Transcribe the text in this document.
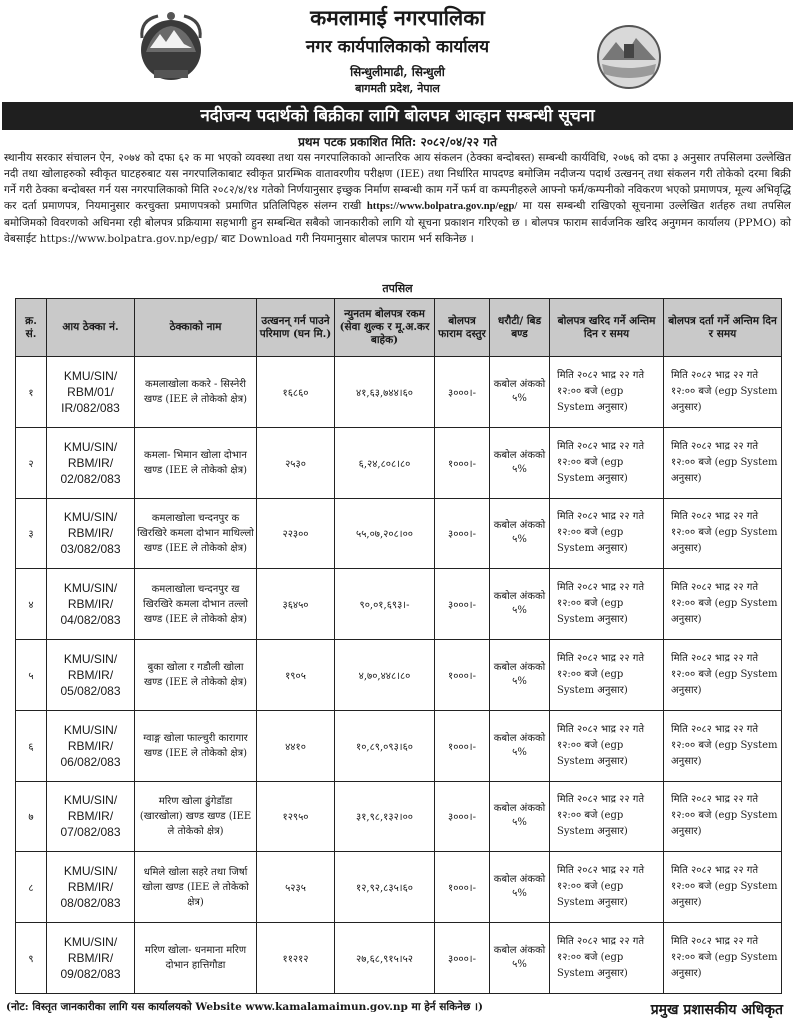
कमलामाई नगरपालिका
नगर कार्यपालिकाको कार्यालय
सिन्धुलीमाढी, सिन्धुली
बागमती प्रदेश, नेपाल
नदीजन्य पदार्थको बिक्रीका लागि बोलपत्र आव्हान सम्बन्धी सूचना
प्रथम पटक प्रकाशित मिति: २०८२/०४/२२ गते

स्थानीय सरकार संचालन ऐन, २०७४ को दफा ६२ क मा भएको व्यवस्था तथा यस नगरपालिकाको आन्तरिक आय संकलन (ठेक्का बन्दोबस्त) सम्बन्धी कार्यविधि, २०७६ को दफा ३ अनुसार तपसिलमा उल्लेखित नदी तथा खोलाहरुको स्वीकृत घाटहरुबाट यस नगरपालिकाबाट स्वीकृत प्रारम्भिक वातावरणीय परीक्षण (IEE) तथा निर्धारित मापदण्ड बमोजिम नदीजन्य पदार्थ उत्खनन् तथा संकलन गरी तोकेको दरमा बिक्री गर्ने गरी ठेक्का बन्दोबस्त गर्न यस नगरपालिकाको मिति २०८२/४/१४ गतेको निर्णयानुसार इच्छुक निर्माण सम्बन्धी काम गर्ने फर्म वा कम्पनीहरुले आफ्नो फर्म/कम्पनीको नविकरण भएको प्रमाणपत्र, मूल्य अभिवृद्धि कर दर्ता प्रमाणपत्र, नियमानुसार करचुक्ता प्रमाणपत्रको प्रमाणित प्रतिलिपिहरु संलग्न राखी https://www.bolpatra.gov.np/egp/ मा यस सम्बन्धी राखिएको सूचनामा उल्लेखित शर्तहरु तथा तपसिल बमोजिमको विवरणको अधिनमा रही बोलपत्र प्रक्रियामा सहभागी हुन सम्बन्धित सबैको जानकारीको लागि यो सूचना प्रकाशन गरिएको छ । बोलपत्र फाराम सार्वजनिक खरिद अनुगमन कार्यालय (PPMO) को वेबसाईट https://www.bolpatra.gov.np/egp/ बाट Download गरी नियमानुसार बोलपत्र फाराम भर्न सकिनेछ ।

तपसिल
क्र. सं.	आय ठेक्का नं.	ठेक्काको नाम	उत्खनन् गर्न पाउने परिमाण (घन मि.)	न्युनतम बोलपत्र रकम (सेवा शुल्क र मू.अ.कर बाहेक)	बोलपत्र फाराम दस्तुर	धरौटी/ बिड बण्ड	बोलपत्र खरिद गर्ने अन्तिम दिन र समय	बोलपत्र दर्ता गर्ने अन्तिम दिन र समय
१	KMU/SIN/ RBM/01/ IR/082/083	कमलाखोला ककरे - सिस्नेरी खण्ड (IEE ले तोकेको क्षेत्र)	१६८६०	४१,६३,७४४।६०	३०००।-	कबोल अंकको ५%	मिति २०८२ भाद्र २२ गते १२:०० बजे (egp System अनुसार)	मिति २०८२ भाद्र २२ गते १२:०० बजे (egp System अनुसार)
२	KMU/SIN/ RBM/IR/ 02/082/083	कमला- भिमान खोला दोभान खण्ड (IEE ले तोकेको क्षेत्र)	२५३०	६,२४,८०८।८०	१०००।-	कबोल अंकको ५%	मिति २०८२ भाद्र २२ गते १२:०० बजे (egp System अनुसार)	मिति २०८२ भाद्र २२ गते १२:०० बजे (egp System अनुसार)
३	KMU/SIN/ RBM/IR/ 03/082/083	कमलाखोला चन्दनपुर क खिरखिरे कमला दोभान माथिल्लो खण्ड (IEE ले तोकेको क्षेत्र)	२२३००	५५,०७,२०८।००	३०००।-	कबोल अंकको ५%	मिति २०८२ भाद्र २२ गते १२:०० बजे (egp System अनुसार)	मिति २०८२ भाद्र २२ गते १२:०० बजे (egp System अनुसार)
४	KMU/SIN/ RBM/IR/ 04/082/083	कमलाखोला चन्दनपुर ख खिरखिरे कमला दोभान तल्लो खण्ड (IEE ले तोकेको क्षेत्र)	३६४५०	९०,०१,६९३।-	३०००।-	कबोल अंकको ५%	मिति २०८२ भाद्र २२ गते १२:०० बजे (egp System अनुसार)	मिति २०८२ भाद्र २२ गते १२:०० बजे (egp System अनुसार)
५	KMU/SIN/ RBM/IR/ 05/082/083	बुका खोला र गडौली खोला खण्ड (IEE ले तोकेको क्षेत्र)	१९०५	४,७०,४४८।८०	१०००।-	कबोल अंकको ५%	मिति २०८२ भाद्र २२ गते १२:०० बजे (egp System अनुसार)	मिति २०८२ भाद्र २२ गते १२:०० बजे (egp System अनुसार)
६	KMU/SIN/ RBM/IR/ 06/082/083	ग्वाङ्ग खोला फाल्चुरी कारागार खण्ड (IEE ले तोकेको क्षेत्र)	४४१०	१०,८९,०९३।६०	१०००।-	कबोल अंकको ५%	मिति २०८२ भाद्र २२ गते १२:०० बजे (egp System अनुसार)	मिति २०८२ भाद्र २२ गते १२:०० बजे (egp System अनुसार)
७	KMU/SIN/ RBM/IR/ 07/082/083	मरिण खोला ढुंगेडाँडा (खारखोला) खण्ड खण्ड (IEE ले तोकेको क्षेत्र)	१२९५०	३१,९८,१३२।००	३०००।-	कबोल अंकको ५%	मिति २०८२ भाद्र २२ गते १२:०० बजे (egp System अनुसार)	मिति २०८२ भाद्र २२ गते १२:०० बजे (egp System अनुसार)
८	KMU/SIN/ RBM/IR/ 08/082/083	धमिले खोला सहरे तथा जिर्षा खोला खण्ड (IEE ले तोकेको क्षेत्र)	५२३५	१२,९२,८३५।६०	१०००।-	कबोल अंकको ५%	मिति २०८२ भाद्र २२ गते १२:०० बजे (egp System अनुसार)	मिति २०८२ भाद्र २२ गते १२:०० बजे (egp System अनुसार)
९	KMU/SIN/ RBM/IR/ 09/082/083	मरिण खोला- धनमाना मरिण दोभान हात्तिगौडा	११२१२	२७,६८,९१५।५२	३०००।-	कबोल अंकको ५%	मिति २०८२ भाद्र २२ गते १२:०० बजे (egp System अनुसार)	मिति २०८२ भाद्र २२ गते १२:०० बजे (egp System अनुसार)
(नोट: विस्तृत जानकारीका लागि यस कार्यालयको Website www.kamalamaimun.gov.np मा हेर्न सकिनेछ ।)	प्रमुख प्रशासकीय अधिकृत
